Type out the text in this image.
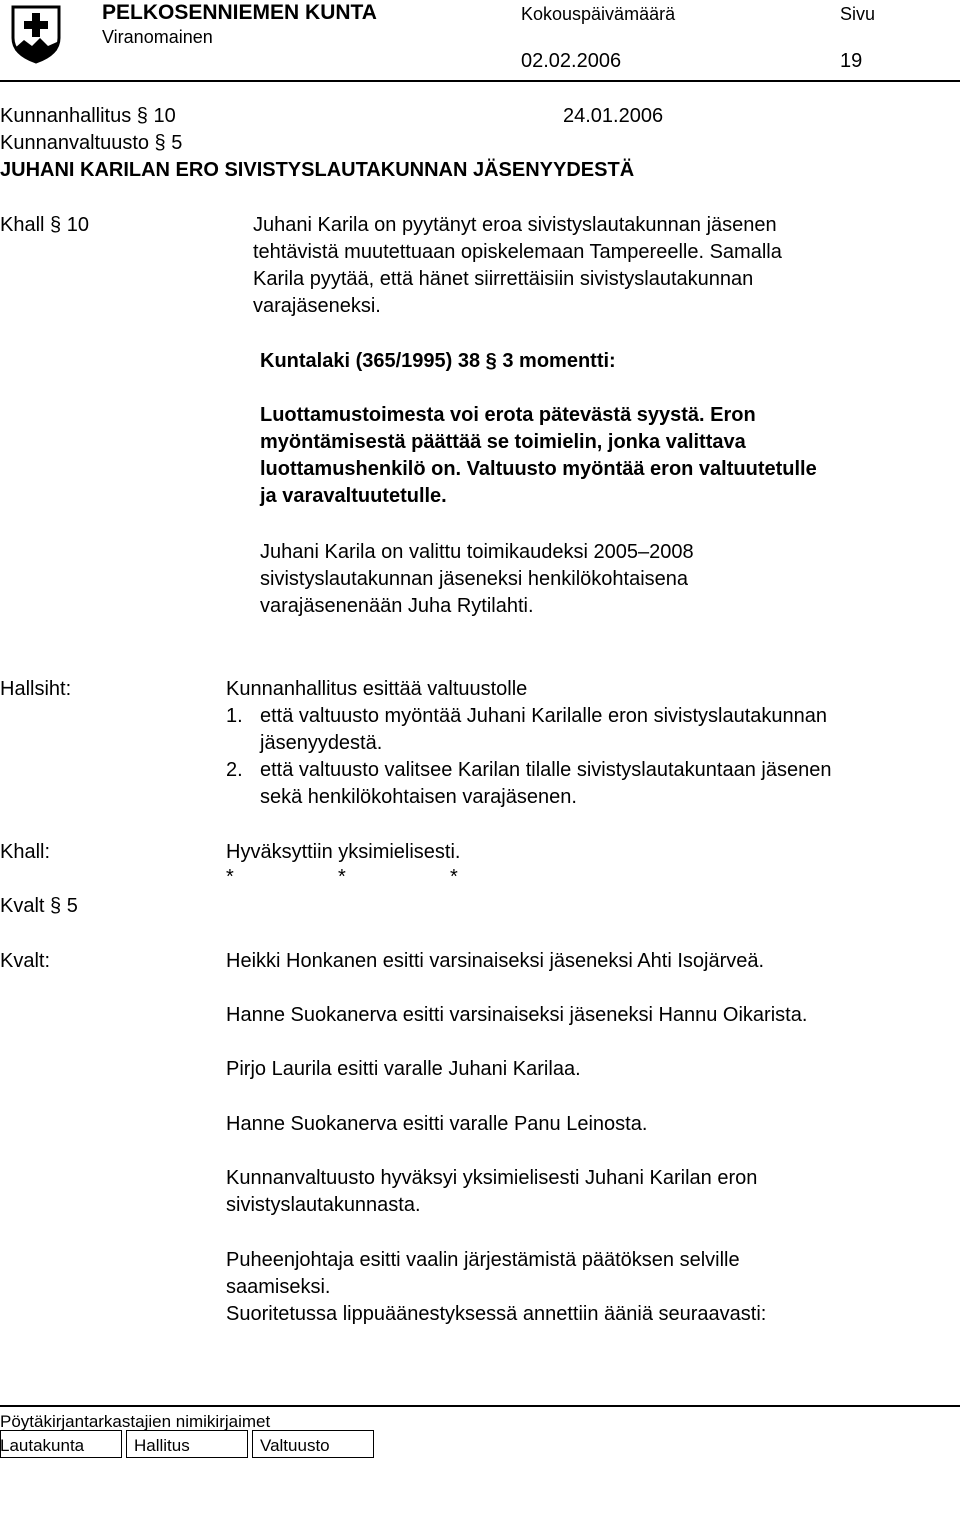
PELKOSENNIEMEN KUNTA
Viranomainen
Kokouspäivämäärä
02.02.2006
Sivu
19
Kunnanhallitus § 10	24.01.2006
Kunnanvaltuusto § 5
JUHANI KARILAN ERO SIVISTYSLAUTAKUNNAN JÄSENYYDESTÄ
Khall § 10	Juhani Karila on pyytänyt eroa sivistyslautakunnan jäsenen
tehtävistä muutettuaan opiskelemaan Tampereelle. Samalla
Karila pyytää, että hänet siirrettäisiin sivistyslautakunnan
varajäseneksi.
Kuntalaki (365/1995) 38 § 3 momentti:
Luottamustoimesta voi erota pätevästä syystä. Eron
myöntämisestä päättää se toimielin, jonka valittava
luottamushenkilö on. Valtuusto myöntää eron valtuutetulle
ja varavaltuutetulle.
Juhani Karila on valittu toimikaudeksi 2005–2008
sivistyslautakunnan jäseneksi henkilökohtaisena
varajäsenenään Juha Rytilahti.
Hallsiht:	Kunnanhallitus esittää valtuustolle
1. että valtuusto myöntää Juhani Karilalle eron sivistyslautakunnan
jäsenyydestä.
2. että valtuusto valitsee Karilan tilalle sivistyslautakuntaan jäsenen
sekä henkilökohtaisen varajäsenen.
Khall:	Hyväksyttiin yksimielisesti.
*	*	*
Kvalt § 5
Kvalt:	Heikki Honkanen esitti varsinaiseksi jäseneksi Ahti Isojärveä.
Hanne Suokanerva esitti varsinaiseksi jäseneksi Hannu Oikarista.
Pirjo Laurila esitti varalle Juhani Karilaa.
Hanne Suokanerva esitti varalle Panu Leinosta.
Kunnanvaltuusto hyväksyi yksimielisesti Juhani Karilan eron
sivistyslautakunnasta.
Puheenjohtaja esitti vaalin järjestämistä päätöksen selville
saamiseksi.
Suoritetussa lippuäänestyksessä annettiin ääniä seuraavasti:
Pöytäkirjantarkastajien nimikirjaimet
Lautakunta	Hallitus	Valtuusto
